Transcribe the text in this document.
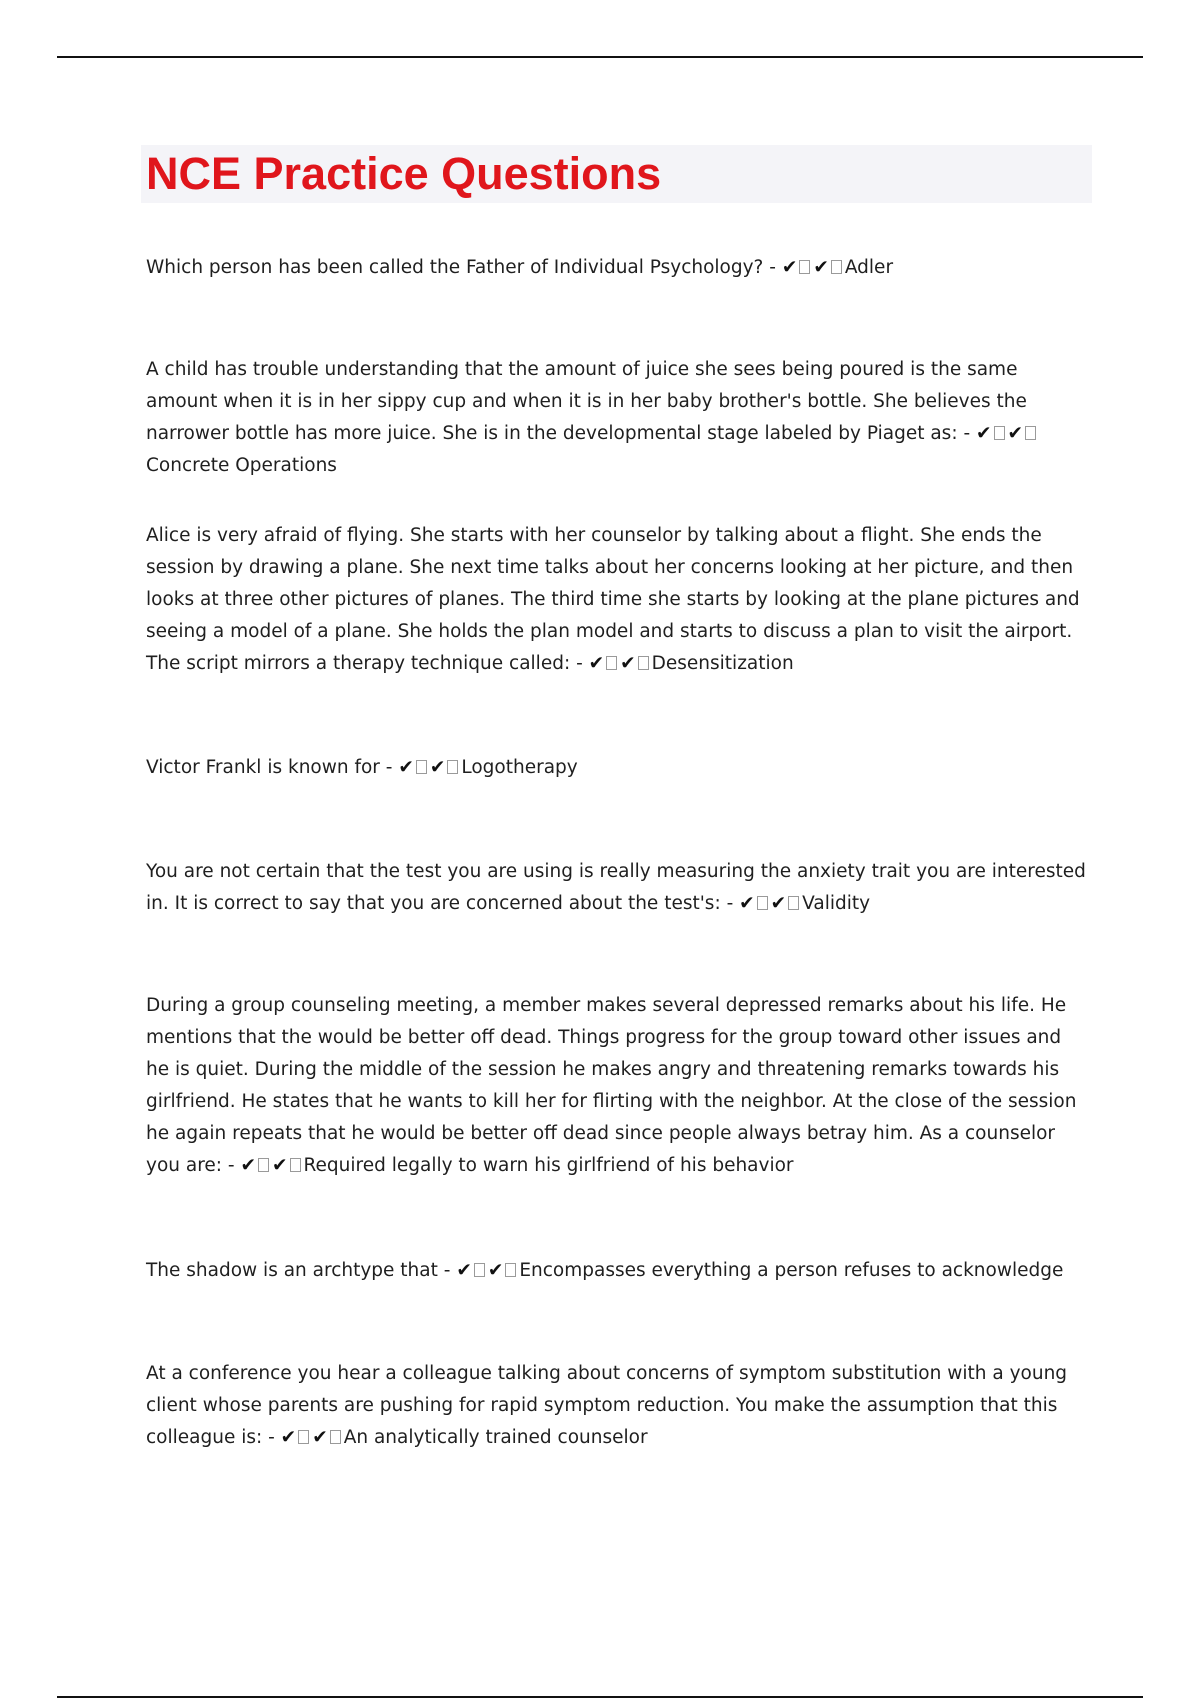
NCE Practice Questions

Which person has been called the Father of Individual Psychology? - ✔ ✔ Adler

A child has trouble understanding that the amount of juice she sees being poured is the same amount when it is in her sippy cup and when it is in her baby brother's bottle. She believes the narrower bottle has more juice. She is in the developmental stage labeled by Piaget as: - ✔ ✔Concrete Operations

Alice is very afraid of flying. She starts with her counselor by talking about a flight. She ends the session by drawing a plane. She next time talks about her concerns looking at her picture, and then looks at three other pictures of planes. The third time she starts by looking at the plane pictures and seeing a model of a plane. She holds the plan model and starts to discuss a plan to visit the airport. The script mirrors a therapy technique called: - ✔ ✔ Desensitization

Victor Frankl is known for - ✔ ✔ Logotherapy

You are not certain that the test you are using is really measuring the anxiety trait you are interested in. It is correct to say that you are concerned about the test's: - ✔ ✔ Validity

During a group counseling meeting, a member makes several depressed remarks about his life. He mentions that the would be better off dead. Things progress for the group toward other issues and he is quiet. During the middle of the session he makes angry and threatening remarks towards his girlfriend. He states that he wants to kill her for flirting with the neighbor. At the close of the session he again repeats that he would be better off dead since people always betray him. As a counselor you are: - ✔ ✔ Required legally to warn his girlfriend of his behavior

The shadow is an archtype that - ✔ ✔ Encompasses everything a person refuses to acknowledge

At a conference you hear a colleague talking about concerns of symptom substitution with a young client whose parents are pushing for rapid symptom reduction. You make the assumption that this colleague is: - ✔ ✔ An analytically trained counselor
